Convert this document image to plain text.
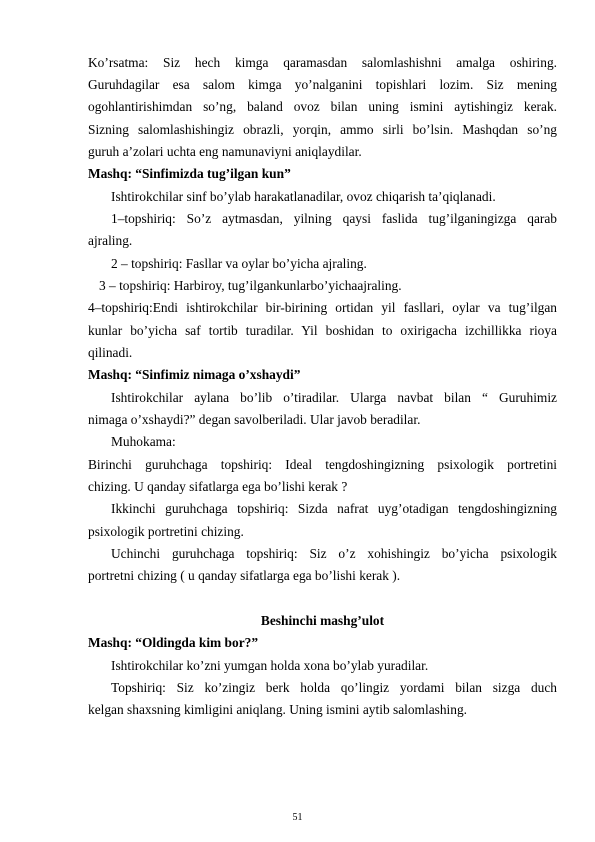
Ko’rsatma: Siz hech kimga qaramasdan salomlashishni amalga oshiring.
Guruhdagilar esa salom kimga yo’nalganini topishlari lozim. Siz mening
ogohlantirishimdan so’ng, baland ovoz bilan uning ismini aytishingiz kerak.
Sizning salomlashishingiz obrazli, yorqin, ammo sirli bo’lsin. Mashqdan so’ng
guruh a’zolari uchta eng namunaviyni aniqlaydilar.
Mashq: “Sinfimizda tug’ilgan kun”
Ishtirokchilar sinf bo’ylab harakatlanadilar, ovoz chiqarish ta’qiqlanadi.
1–topshiriq: So’z aytmasdan, yilning qaysi faslida tug’ilganingizga qarab
ajraling.
2 – topshiriq: Fasllar va oylar bo’yicha ajraling.
3 – topshiriq: Harbiroy, tug’ilgankunlarbo’yichaajraling.
4–topshiriq:Endi ishtirokchilar bir-birining ortidan yil fasllari, oylar va tug’ilgan
kunlar bo’yicha saf tortib turadilar. Yil boshidan to oxirigacha izchillikka rioya
qilinadi.
Mashq: “Sinfimiz nimaga o’xshaydi”
Ishtirokchilar aylana bo’lib o’tiradilar. Ularga navbat bilan “ Guruhimiz
nimaga o’xshaydi?” degan savolberiladi. Ular javob beradilar.
Muhokama:
Birinchi guruhchaga topshiriq: Ideal tengdoshingizning psixologik portretini
chizing. U qanday sifatlarga ega bo’lishi kerak ?
Ikkinchi guruhchaga topshiriq: Sizda nafrat uyg’otadigan tengdoshingizning
psixologik portretini chizing.
Uchinchi guruhchaga topshiriq: Siz o’z xohishingiz bo’yicha psixologik
portretni chizing ( u qanday sifatlarga ega bo’lishi kerak ).
Beshinchi mashg’ulot
Mashq: “Oldingda kim bor?”
Ishtirokchilar ko’zni yumgan holda xona bo’ylab yuradilar.
Topshiriq: Siz ko’zingiz berk holda qo’lingiz yordami bilan sizga duch
kelgan shaxsning kimligini aniqlang. Uning ismini aytib salomlashing.
51
